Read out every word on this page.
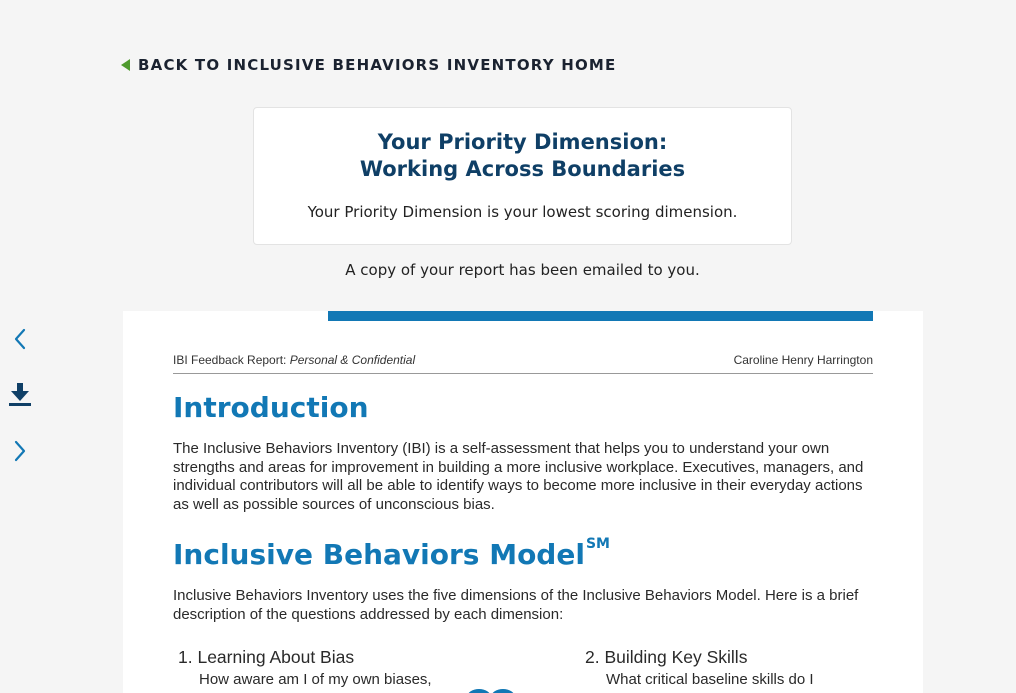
BACK TO INCLUSIVE BEHAVIORS INVENTORY HOME
Your Priority Dimension:
Working Across Boundaries
Your Priority Dimension is your lowest scoring dimension.
A copy of your report has been emailed to you.
IBI Feedback Report: Personal & Confidential	Caroline Henry Harrington
Introduction
The Inclusive Behaviors Inventory (IBI) is a self-assessment that helps you to understand your own strengths and areas for improvement in building a more inclusive workplace. Executives, managers, and individual contributors will all be able to identify ways to become more inclusive in their everyday actions as well as possible sources of unconscious bias.
Inclusive Behaviors Model℠
Inclusive Behaviors Inventory uses the five dimensions of the Inclusive Behaviors Model. Here is a brief description of the questions addressed by each dimension:
1. Learning About Bias
How aware am I of my own biases,
2. Building Key Skills
What critical baseline skills do I
